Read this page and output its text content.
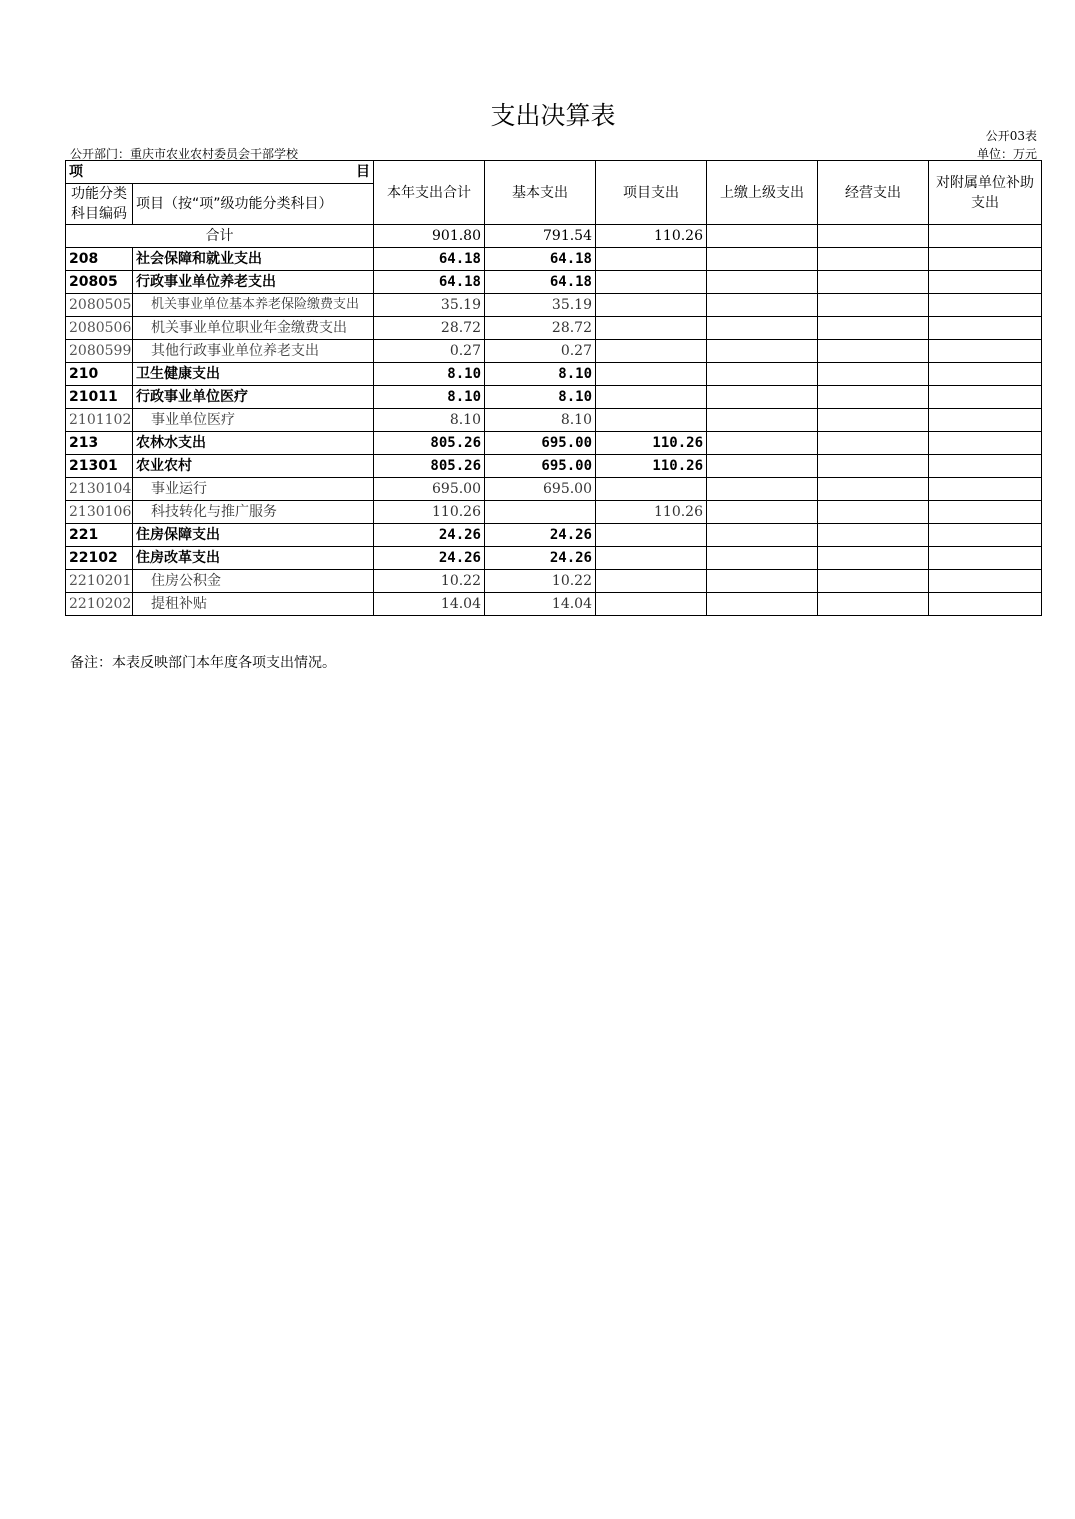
支出决算表
公开03表
公开部门：重庆市农业农村委员会干部学校	单位：万元
项 目		本年支出合计	基本支出	项目支出	上缴上级支出	经营支出	对附属单位补助支出
功能分类科目编码	项目（按“项”级功能分类科目）						
合计		901.80	791.54	110.26			
208	社会保障和就业支出	64.18	64.18				
20805	行政事业单位养老支出	64.18	64.18				
2080505	机关事业单位基本养老保险缴费支出	35.19	35.19				
2080506	机关事业单位职业年金缴费支出	28.72	28.72				
2080599	其他行政事业单位养老支出	0.27	0.27				
210	卫生健康支出	8.10	8.10				
21011	行政事业单位医疗	8.10	8.10				
2101102	事业单位医疗	8.10	8.10				
213	农林水支出	805.26	695.00	110.26			
21301	农业农村	805.26	695.00	110.26			
2130104	事业运行	695.00	695.00				
2130106	科技转化与推广服务	110.26		110.26			
221	住房保障支出	24.26	24.26				
22102	住房改革支出	24.26	24.26				
2210201	住房公积金	10.22	10.22				
2210202	提租补贴	14.04	14.04				
备注：本表反映部门本年度各项支出情况。
